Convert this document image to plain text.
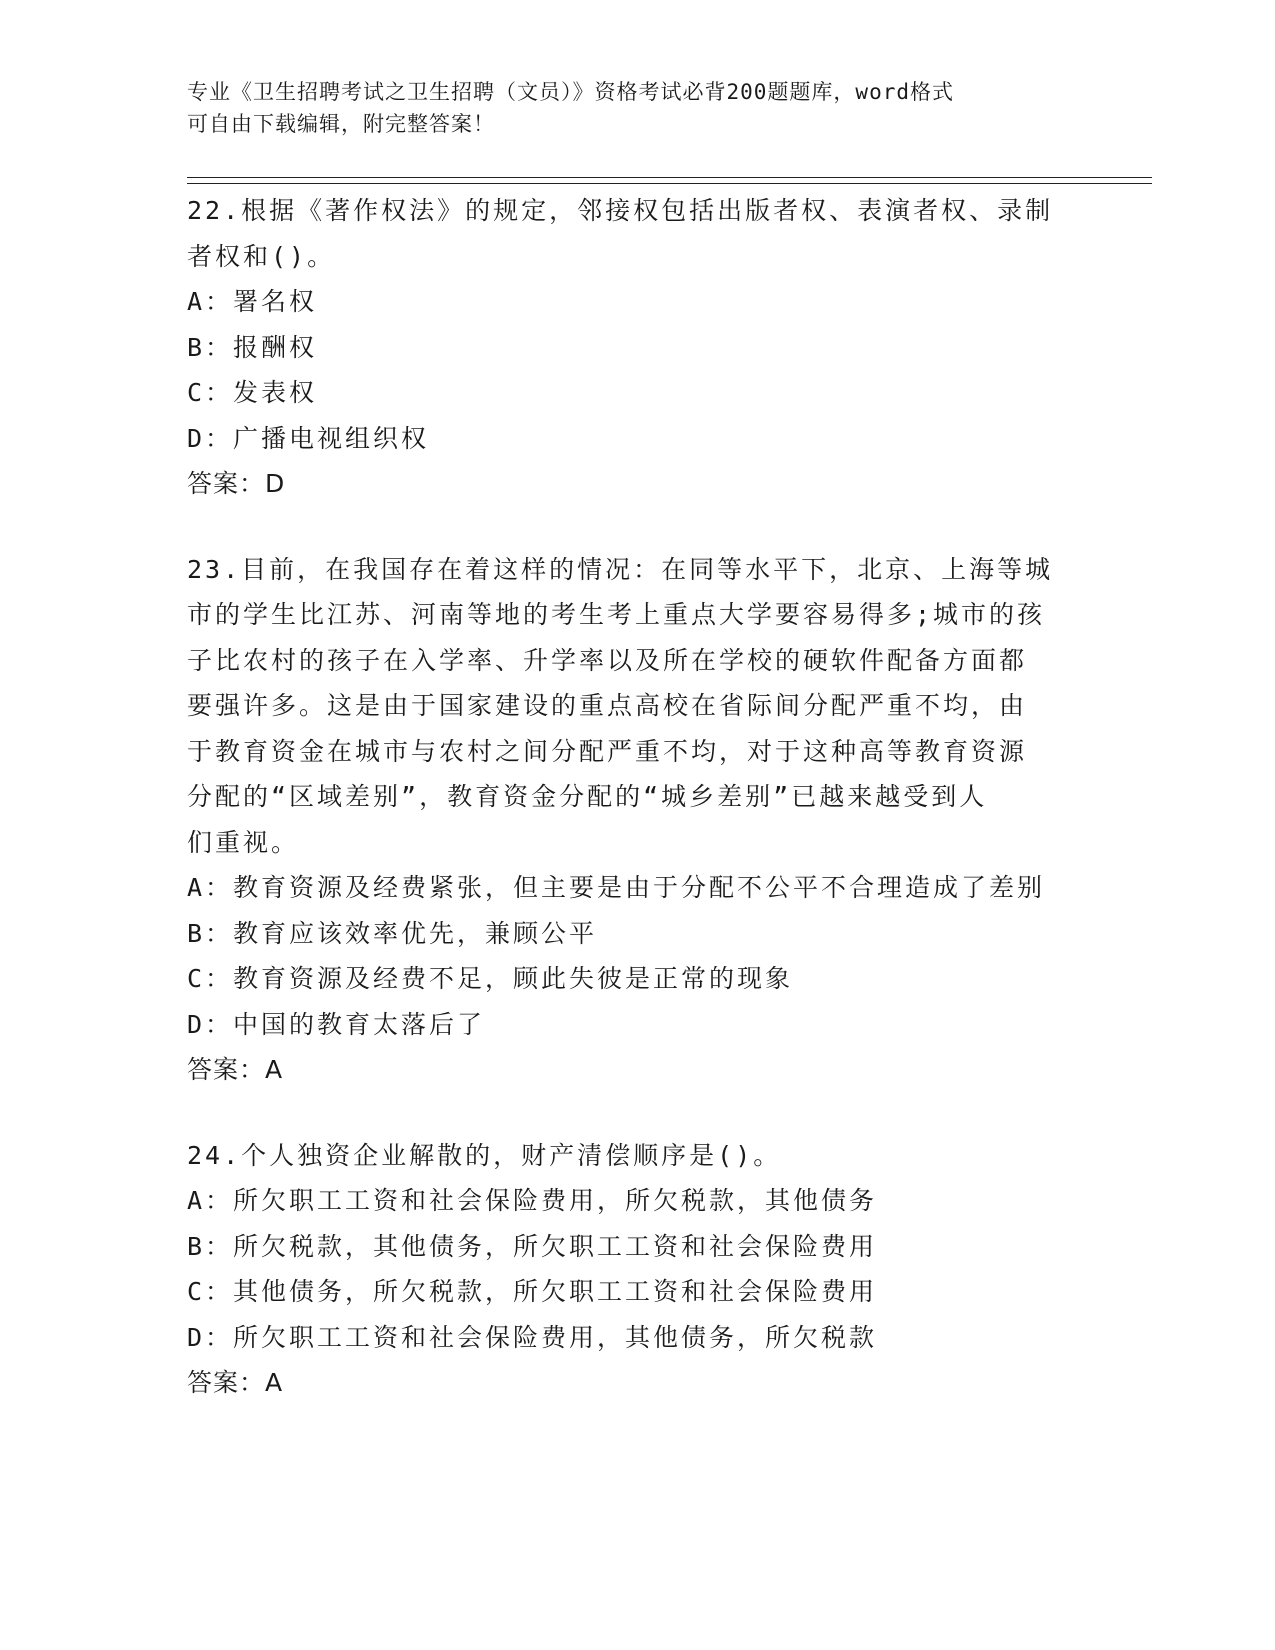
专业《卫生招聘考试之卫生招聘（文员）》资格考试必背200题题库，word格式
可自由下载编辑，附完整答案！
22.根据《著作权法》的规定，邻接权包括出版者权、表演者权、录制
者权和()。
A：署名权
B：报酬权
C：发表权
D：广播电视组织权
答案：D
23.目前，在我国存在着这样的情况：在同等水平下，北京、上海等城
市的学生比江苏、河南等地的考生考上重点大学要容易得多;城市的孩
子比农村的孩子在入学率、升学率以及所在学校的硬软件配备方面都
要强许多。这是由于国家建设的重点高校在省际间分配严重不均，由
于教育资金在城市与农村之间分配严重不均，对于这种高等教育资源
分配的“区域差别”，教育资金分配的“城乡差别”已越来越受到人
们重视。
A：教育资源及经费紧张，但主要是由于分配不公平不合理造成了差别
B：教育应该效率优先，兼顾公平
C：教育资源及经费不足，顾此失彼是正常的现象
D：中国的教育太落后了
答案：A
24.个人独资企业解散的，财产清偿顺序是()。
A：所欠职工工资和社会保险费用，所欠税款，其他债务
B：所欠税款，其他债务，所欠职工工资和社会保险费用
C：其他债务，所欠税款，所欠职工工资和社会保险费用
D：所欠职工工资和社会保险费用，其他债务，所欠税款
答案：A
